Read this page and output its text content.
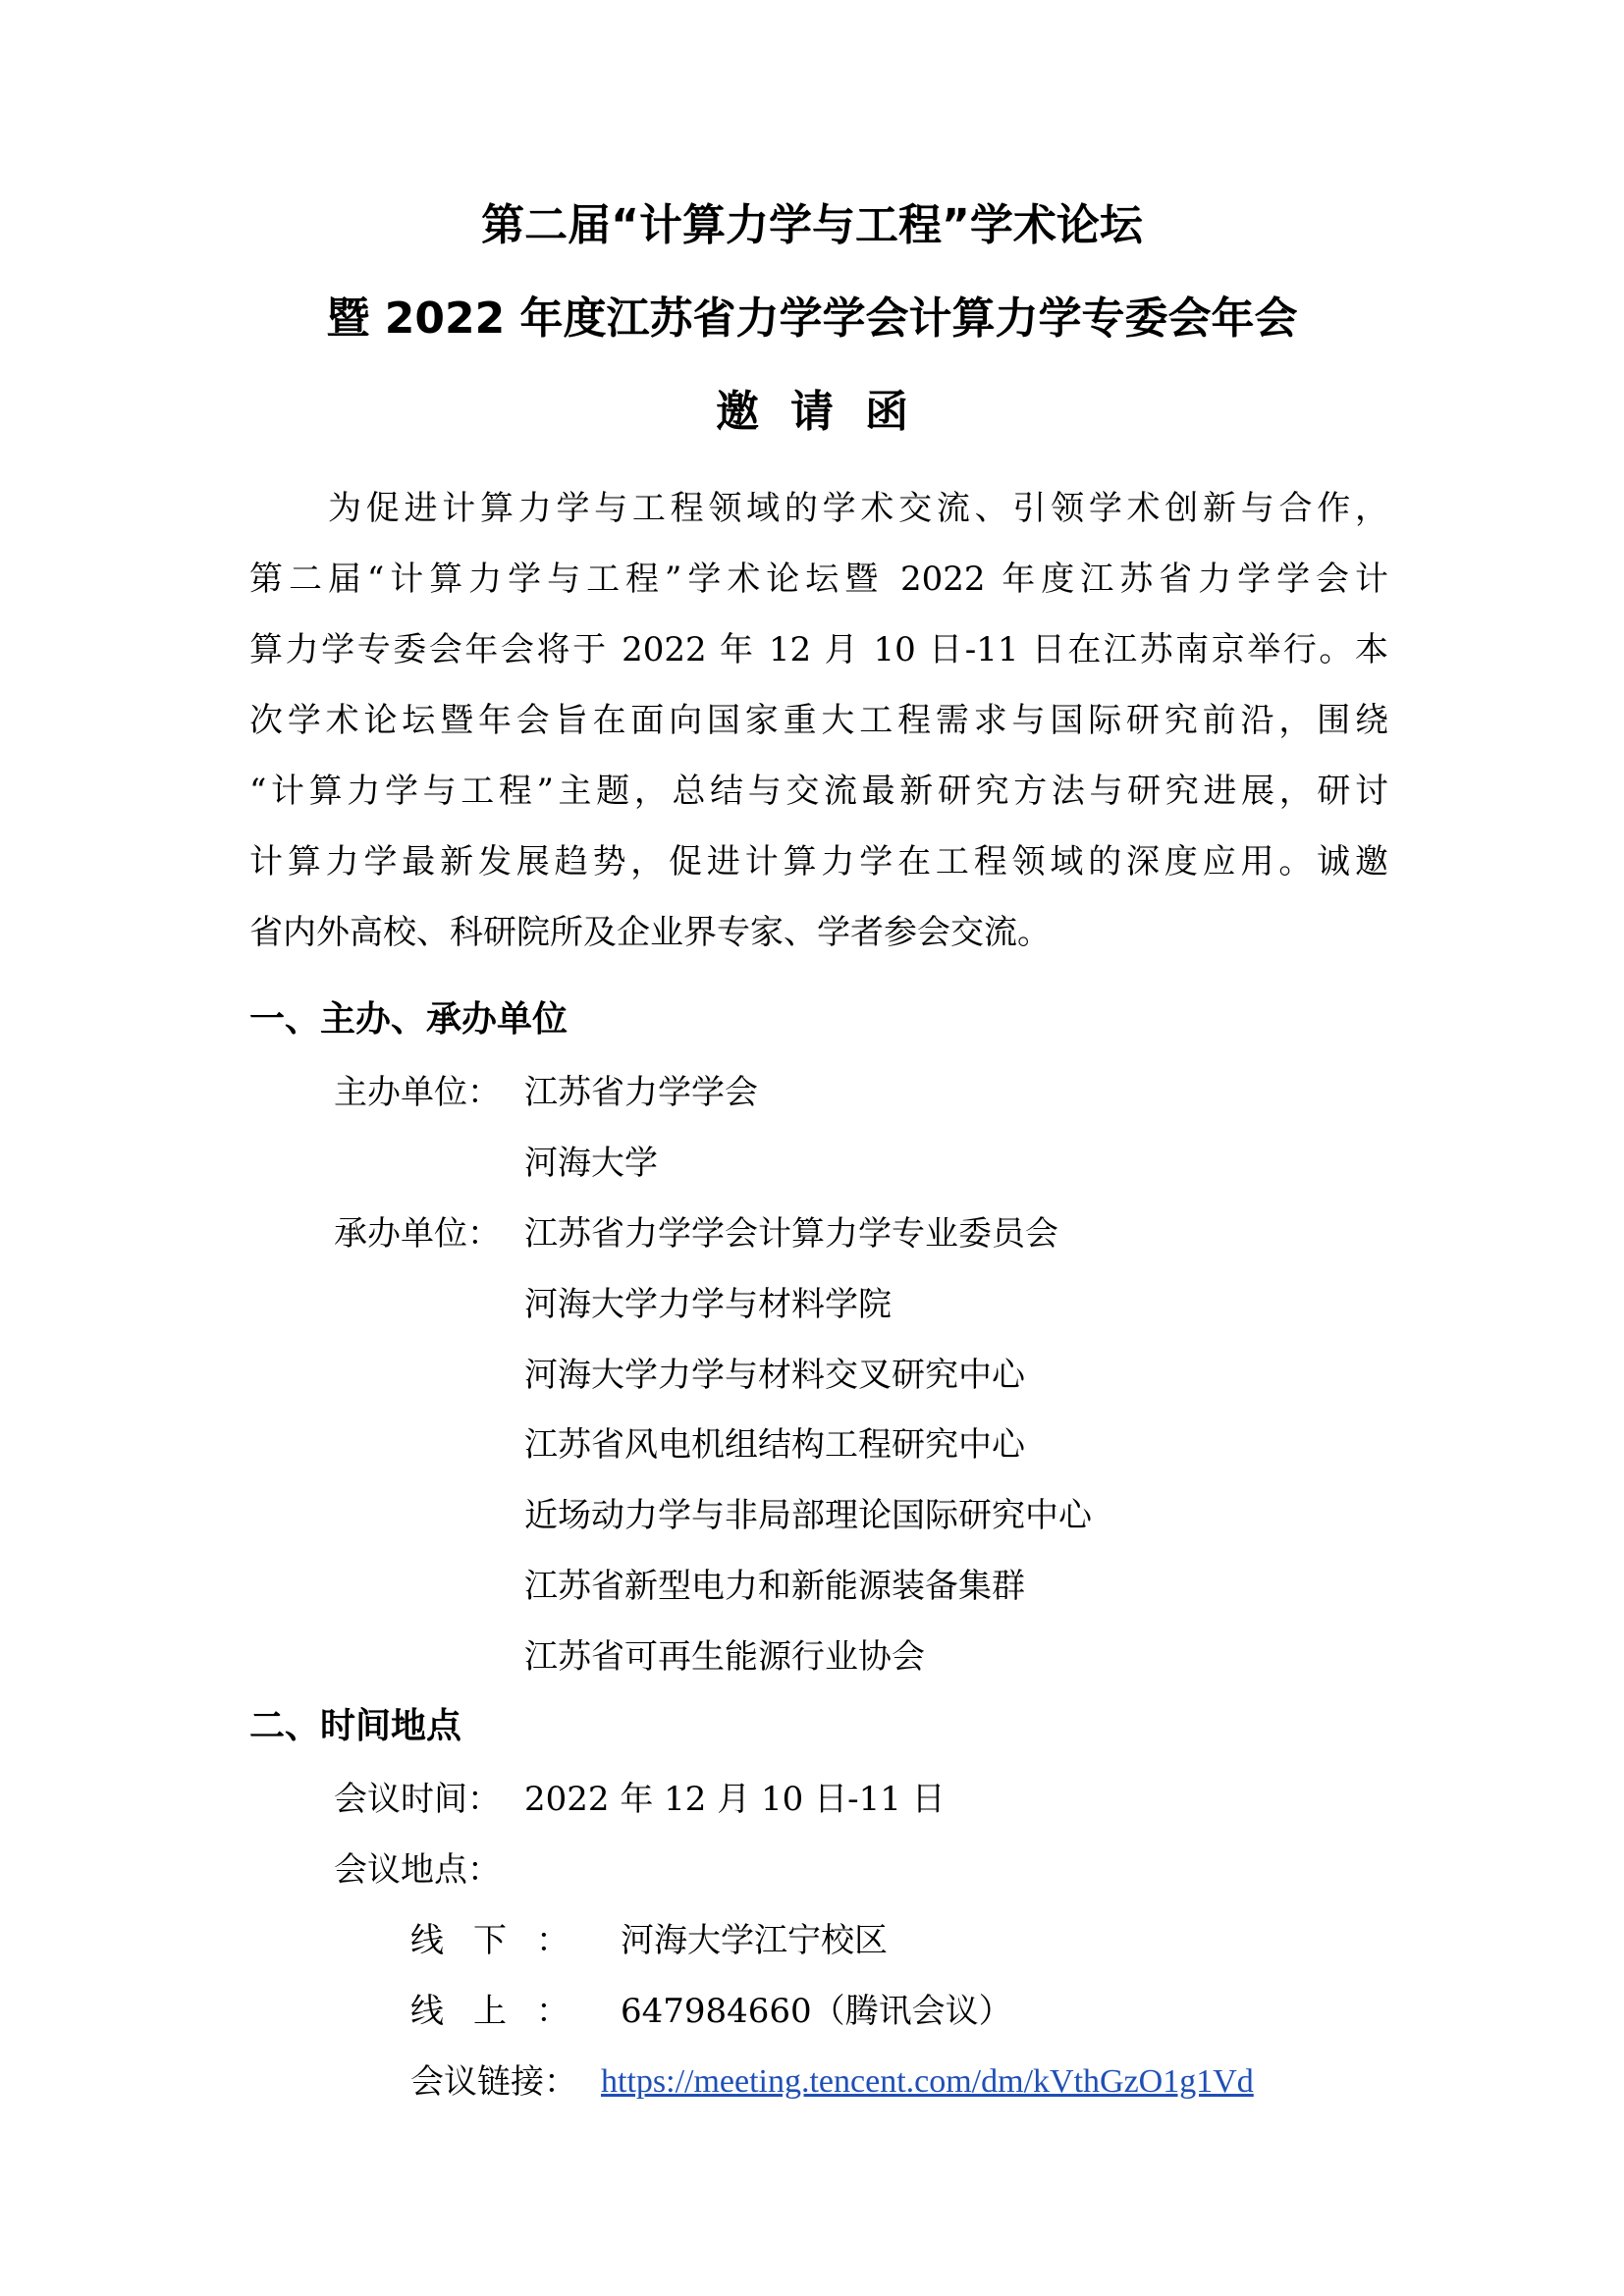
第二届“计算力学与工程”学术论坛
暨 2022 年度江苏省力学学会计算力学专委会年会
邀请函
为促进计算力学与工程领域的学术交流、引领学术创新与合作，
第二届“计算力学与工程”学术论坛暨 2022 年度江苏省力学学会计
算力学专委会年会将于 2022 年 12 月 10 日-11 日在江苏南京举行。本
次学术论坛暨年会旨在面向国家重大工程需求与国际研究前沿，围绕
“计算力学与工程”主题，总结与交流最新研究方法与研究进展，研讨
计算力学最新发展趋势，促进计算力学在工程领域的深度应用。诚邀
省内外高校、科研院所及企业界专家、学者参会交流。
一、主办、承办单位
主办单位： 江苏省力学学会
河海大学
承办单位： 江苏省力学学会计算力学专业委员会
河海大学力学与材料学院
河海大学力学与材料交叉研究中心
江苏省风电机组结构工程研究中心
近场动力学与非局部理论国际研究中心
江苏省新型电力和新能源装备集群
江苏省可再生能源行业协会
二、时间地点
会议时间： 2022 年 12 月 10 日-11 日
会议地点：
线下： 河海大学江宁校区
线上： 647984660（腾讯会议）
会议链接： https://meeting.tencent.com/dm/kVthGzO1g1Vd
